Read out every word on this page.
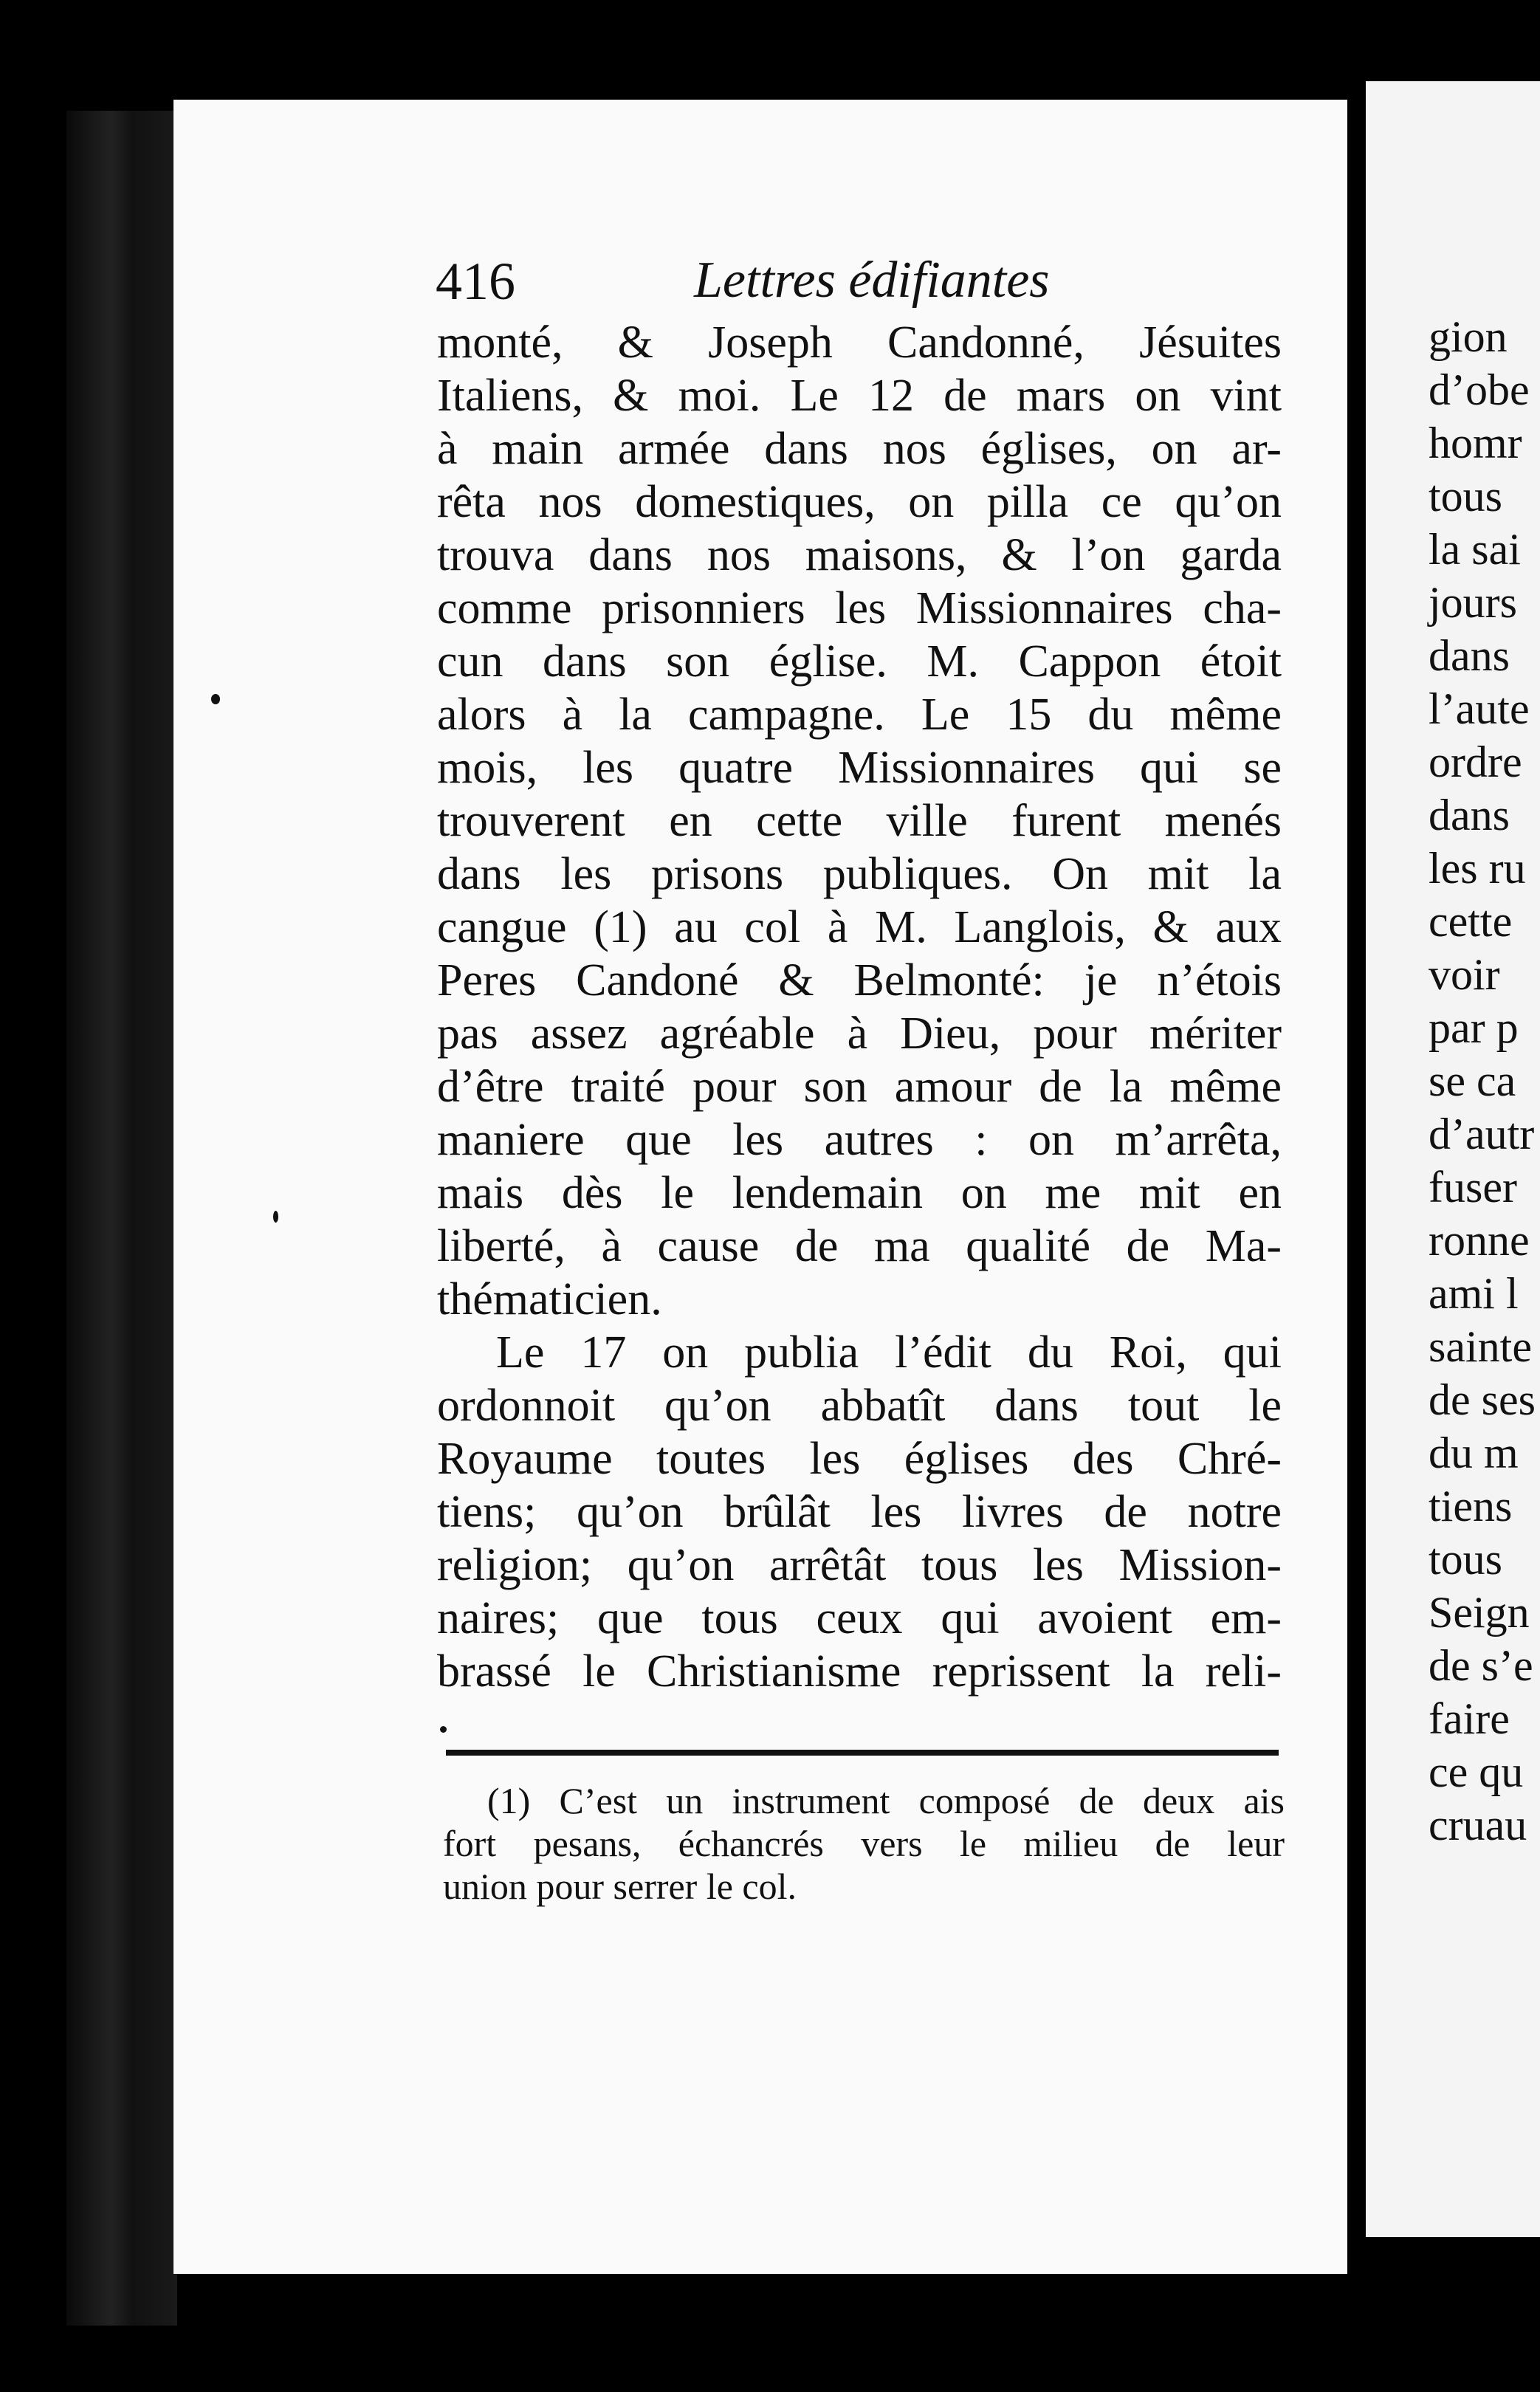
416	Lettres édifiantes
monté, & Joseph Candonné, Jésuites
Italiens, & moi. Le 12 de mars on vint
à main armée dans nos églises, on ar-
rêta nos domestiques, on pilla ce qu’on
trouva dans nos maisons, & l’on garda
comme prisonniers les Missionnaires cha-
cun dans son église. M. Cappon étoit
alors à la campagne. Le 15 du même
mois, les quatre Missionnaires qui se
trouverent en cette ville furent menés
dans les prisons publiques. On mit la
cangue (1) au col à M. Langlois, & aux
Peres Candoné & Belmonté: je n’étois
pas assez agréable à Dieu, pour mériter
d’être traité pour son amour de la même
maniere que les autres : on m’arrêta,
mais dès le lendemain on me mit en
liberté, à cause de ma qualité de Ma-
thématicien.
Le 17 on publia l’édit du Roi, qui
ordonnoit qu’on abbatît dans tout le
Royaume toutes les églises des Chré-
tiens; qu’on brûlât les livres de notre
religion; qu’on arrêtât tous les Mission-
naires; que tous ceux qui avoient em-
brassé le Christianisme reprissent la reli-
(1) C’est un instrument composé de deux ais
fort pesans, échancrés vers le milieu de leur
union pour serrer le col.
gion
d’obe
homr
tous
la sai
jours
dans
l’aute
ordre
dans
les ru
cette
voir
par p
se ca
d’autr
fuser
ronne
ami l
sainte
de ses
du m
tiens
tous
Seign
de s’e
faire
ce qu
cruau
